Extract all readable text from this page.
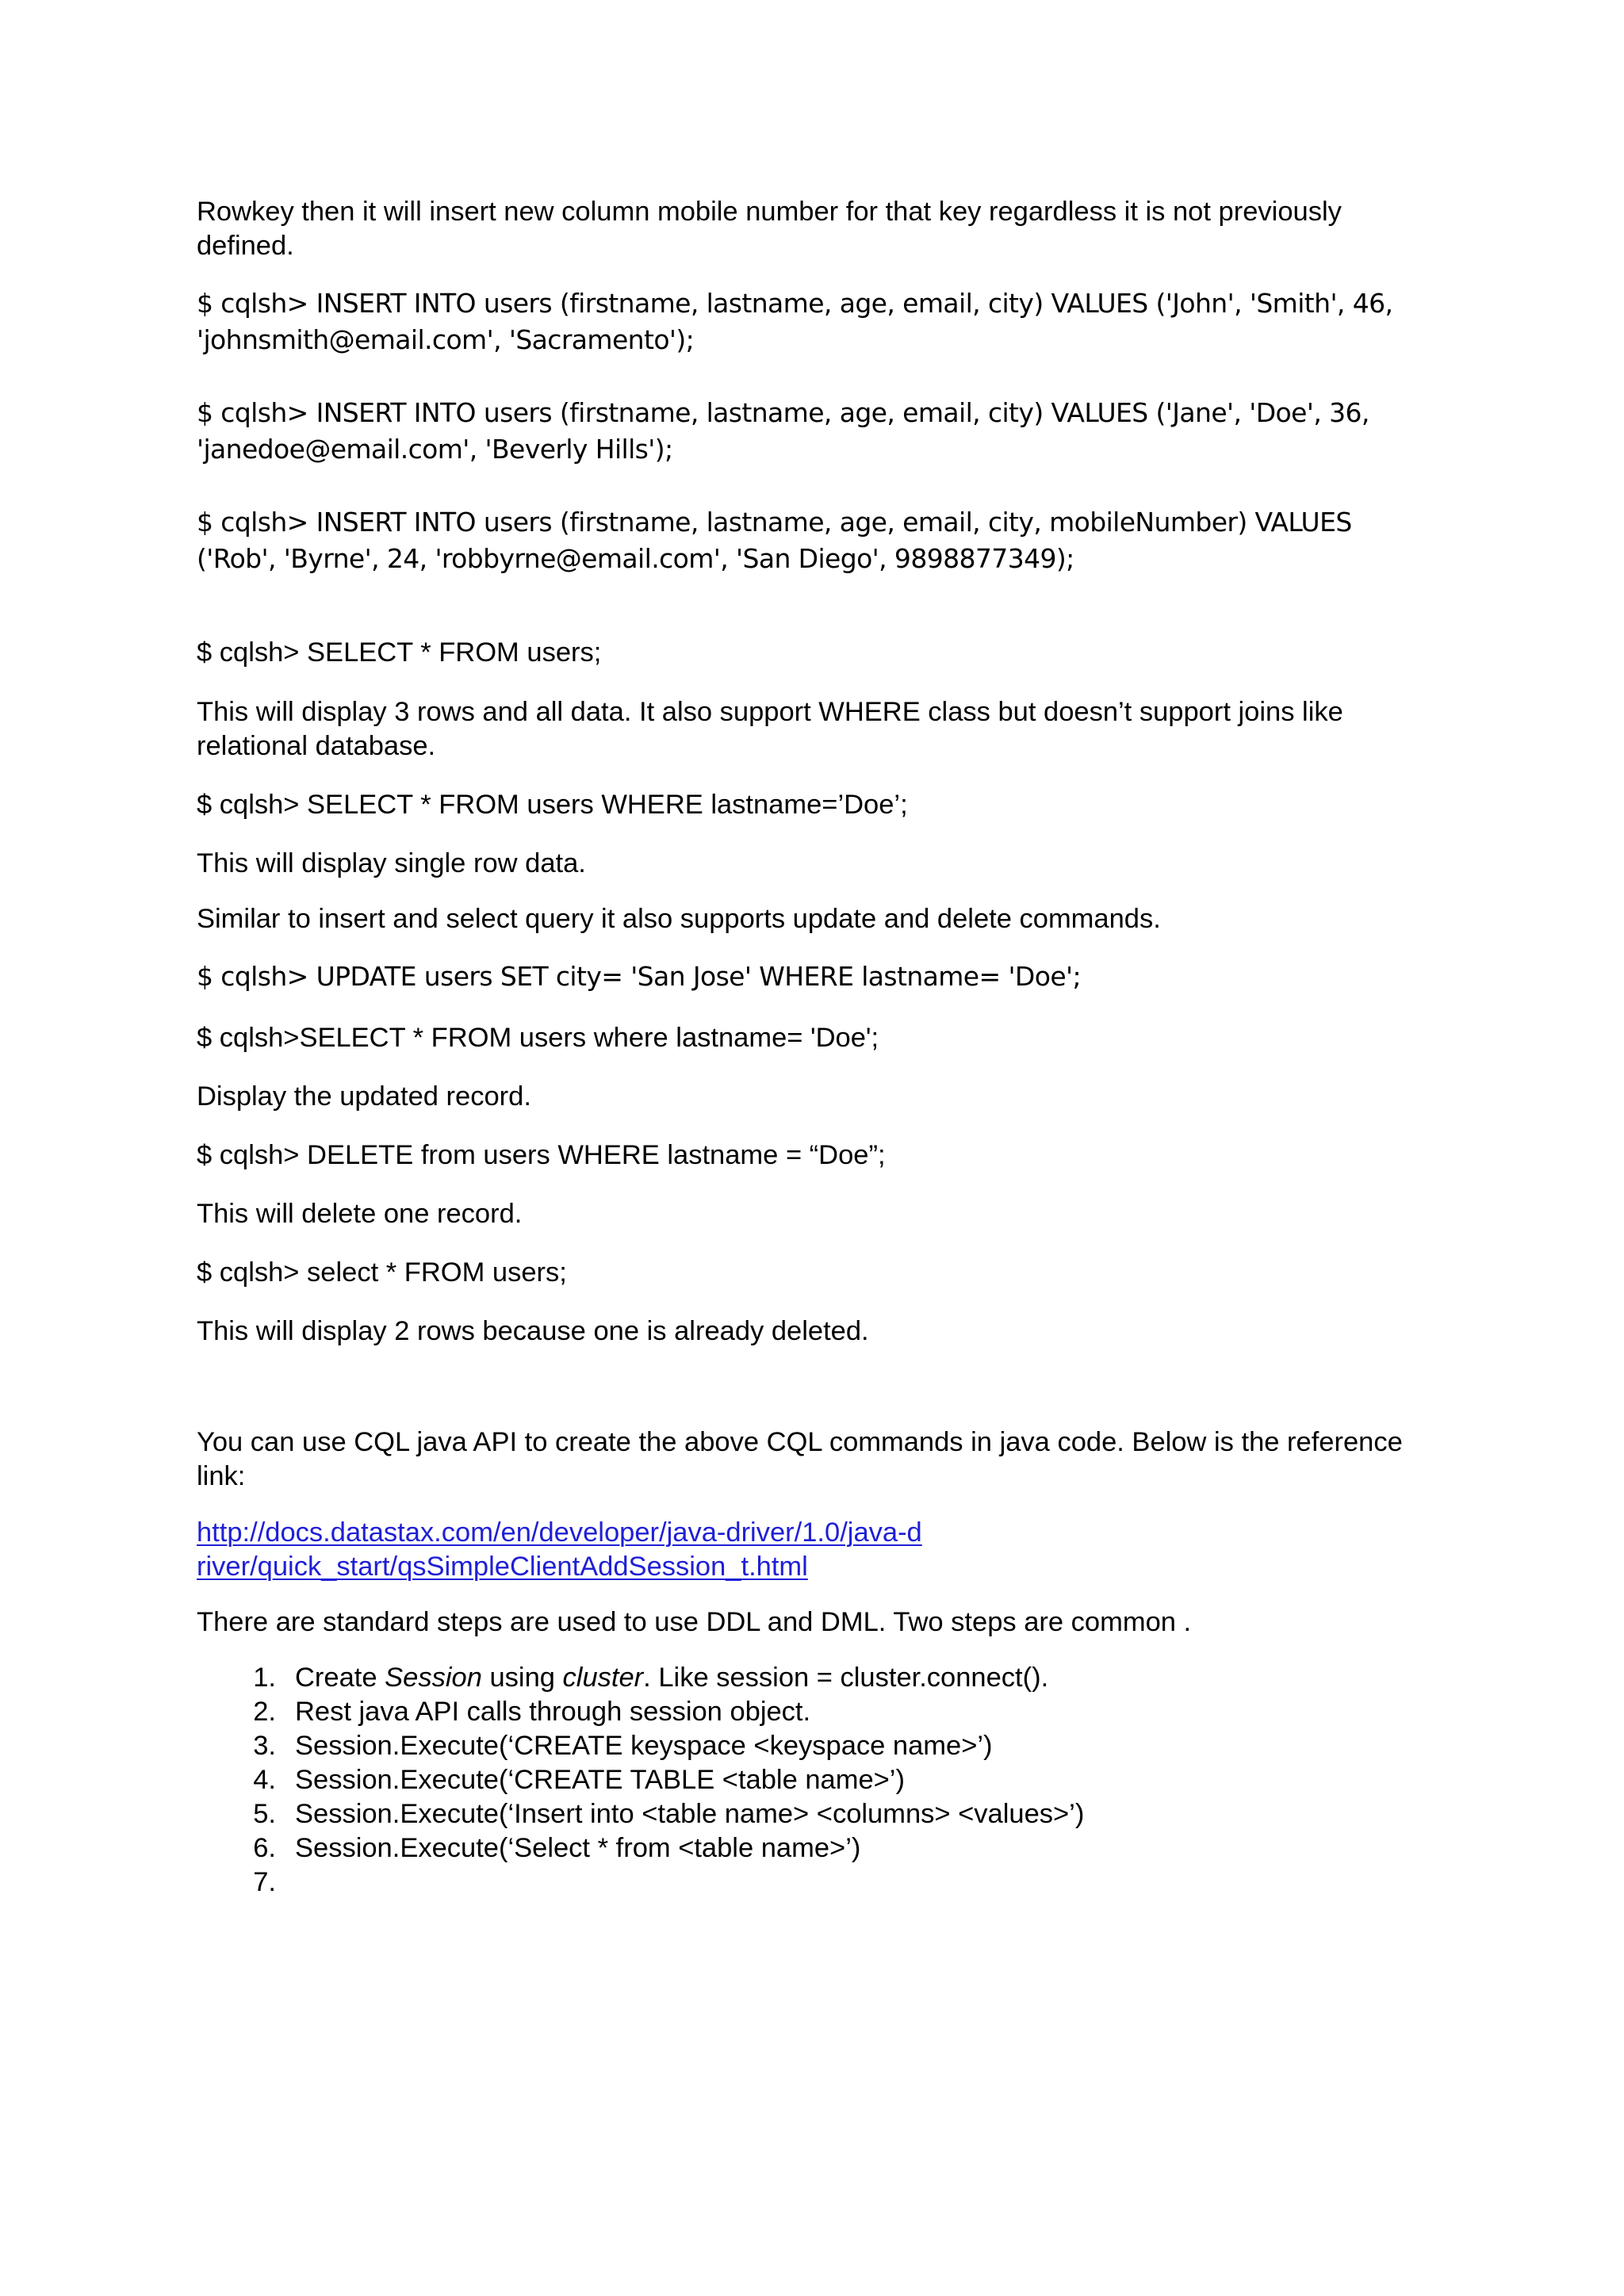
Rowkey then it will insert new column mobile number for that key regardless it is not previously defined.

$ cqlsh> INSERT INTO users (firstname, lastname, age, email, city) VALUES ('John', 'Smith', 46, 'johnsmith@email.com', 'Sacramento');

$ cqlsh> INSERT INTO users (firstname, lastname, age, email, city) VALUES ('Jane', 'Doe', 36, 'janedoe@email.com', 'Beverly Hills');

$ cqlsh> INSERT INTO users (firstname, lastname, age, email, city, mobileNumber) VALUES ('Rob', 'Byrne', 24, 'robbyrne@email.com', 'San Diego', 9898877349);

$ cqlsh> SELECT * FROM users;

This will display 3 rows and all data. It also support WHERE class but doesn’t support joins like relational database.

$ cqlsh> SELECT * FROM users WHERE lastname=’Doe’;

This will display single row data.

Similar to insert and select query it also supports update and delete commands.

$ cqlsh> UPDATE users SET city= 'San Jose' WHERE lastname= 'Doe';

$ cqlsh>SELECT * FROM users where lastname= 'Doe';

Display the updated record.

$ cqlsh> DELETE from users WHERE lastname = “Doe”;

This will delete one record.

$ cqlsh> select * FROM users;

This will display 2 rows because one is already deleted.

You can use CQL java API to create the above CQL commands in java code. Below is the reference link:

http://docs.datastax.com/en/developer/java-driver/1.0/java-driver/quick_start/qsSimpleClientAddSession_t.html

There are standard steps are used to use DDL and DML. Two steps are common .

1. Create Session using cluster. Like session = cluster.connect().
2. Rest java API calls through session object.
3. Session.Execute(‘CREATE keyspace <keyspace name>’)
4. Session.Execute(‘CREATE TABLE <table name>’)
5. Session.Execute(‘Insert into <table name> <columns> <values>’)
6. Session.Execute(‘Select * from <table name>’)
7.
